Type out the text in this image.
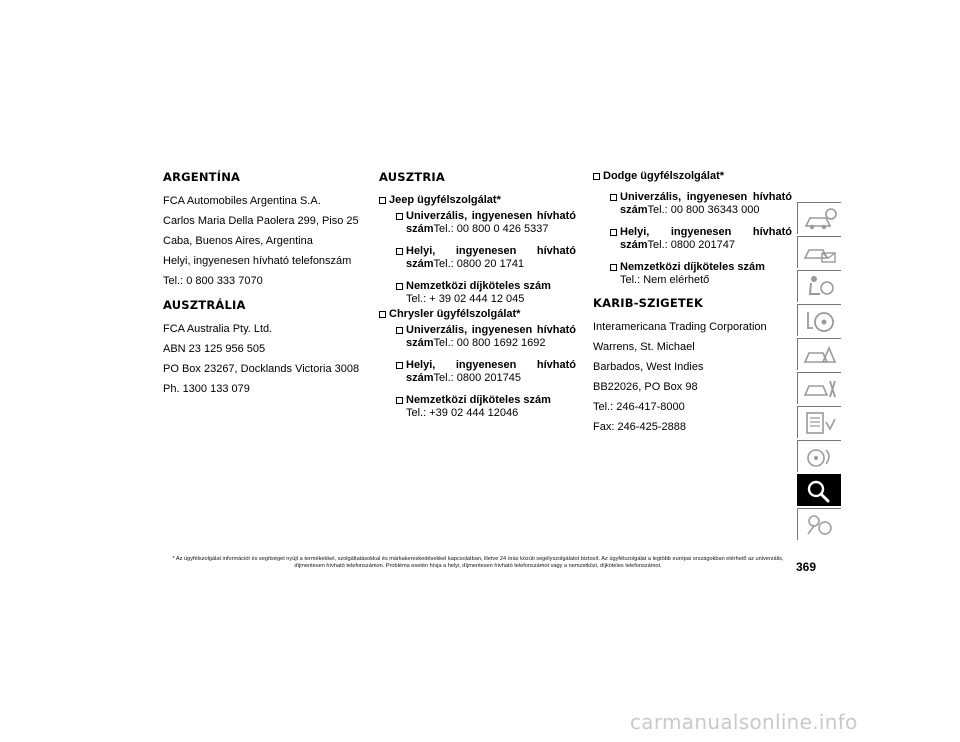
ARGENTÍNA
FCA Automobiles Argentina S.A.
Carlos Maria Della Paolera 299, Piso 25
Caba, Buenos Aires, Argentina
Helyi, ingyenesen hívható telefonszám
Tel.: 0 800 333 7070
AUSZTRÁLIA
FCA Australia Pty. Ltd.
ABN 23 125 956 505
PO Box 23267, Docklands Victoria 3008
Ph. 1300 133 079
AUSZTRIA
Jeep ügyfélszolgálat*
Univerzális, ingyenesen hívható
számTel.: 00 800 0 426 5337
Helyi, ingyenesen hívható
számTel.: 0800 20 1741
Nemzetközi díjköteles szám
Tel.: + 39 02 444 12 045
Chrysler ügyfélszolgálat*
Univerzális, ingyenesen hívható
számTel.: 00 800 1692 1692
Helyi, ingyenesen hívható
számTel.: 0800 201745
Nemzetközi díjköteles szám
Tel.: +39 02 444 12046
Dodge ügyfélszolgálat*
Univerzális, ingyenesen hívható
számTel.: 00 800 36343 000
Helyi, ingyenesen hívható
számTel.: 0800 201747
Nemzetközi díjköteles szám
Tel.: Nem elérhető
KARIB-SZIGETEK
Interamericana Trading Corporation
Warrens, St. Michael
Barbados, West Indies
BB22026, PO Box 98
Tel.: 246-417-8000
Fax: 246-425-2888
* Az ügyfélszolgálat információt és segítséget nyújt a termékekkel, szolgáltatásokkal és márkakereskedésekkel kapcsolatban, illetve 24 órás közúti segélyszolgálatot biztosít. Az ügyfélszolgálat a legtöbb európai országokban elérhető az univerzális, díjmentesen hívható telefonszámon. Probléma esetén hívja a helyi, díjmentesen hívható telefonszámot vagy a nemzetközi, díjköteles telefonszámot.	369
carmanualsonline.info
